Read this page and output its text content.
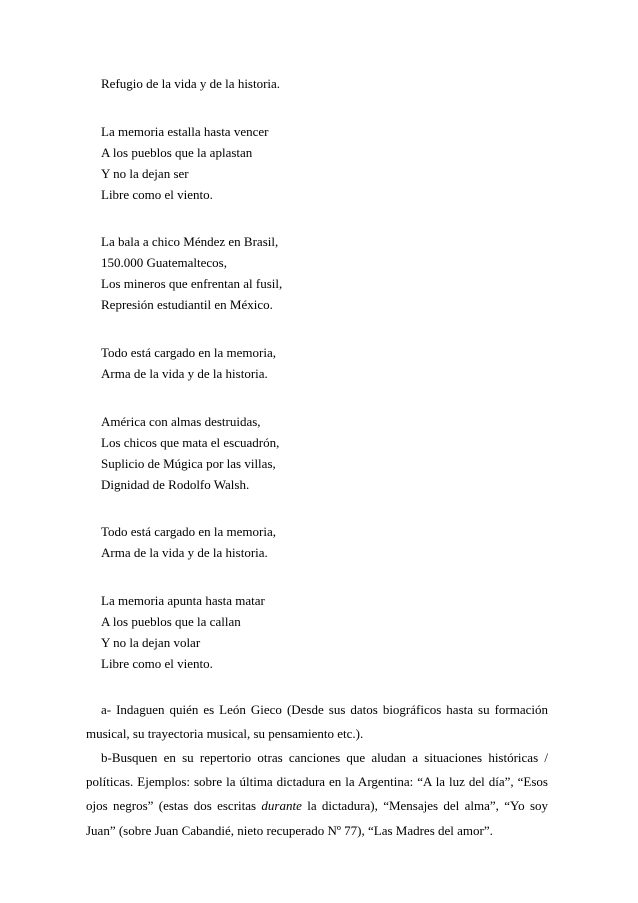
Refugio de la vida y de la historia.
La memoria estalla hasta vencer
A los pueblos que la aplastan
Y no la dejan ser
Libre como el viento.
La bala a chico Méndez en Brasil,
150.000 Guatemaltecos,
Los mineros que enfrentan al fusil,
Represión estudiantil en México.
Todo está cargado en la memoria,
Arma de la vida y de la historia.
América con almas destruidas,
Los chicos que mata el escuadrón,
Suplicio de Múgica por las villas,
Dignidad de Rodolfo Walsh.
Todo está cargado en la memoria,
Arma de la vida y de la historia.
La memoria apunta hasta matar
A los pueblos que la callan
Y no la dejan volar
Libre como el viento.

a- Indaguen quién es León Gieco (Desde sus datos biográficos hasta su formación musical, su trayectoria musical, su pensamiento etc.).

b-Busquen en su repertorio otras canciones que aludan a situaciones históricas / políticas. Ejemplos: sobre la última dictadura en la Argentina: “A la luz del día”, “Esos ojos negros” (estas dos escritas durante la dictadura), “Mensajes del alma”, “Yo soy Juan” (sobre Juan Cabandié, nieto recuperado Nº 77), “Las Madres del amor”.
